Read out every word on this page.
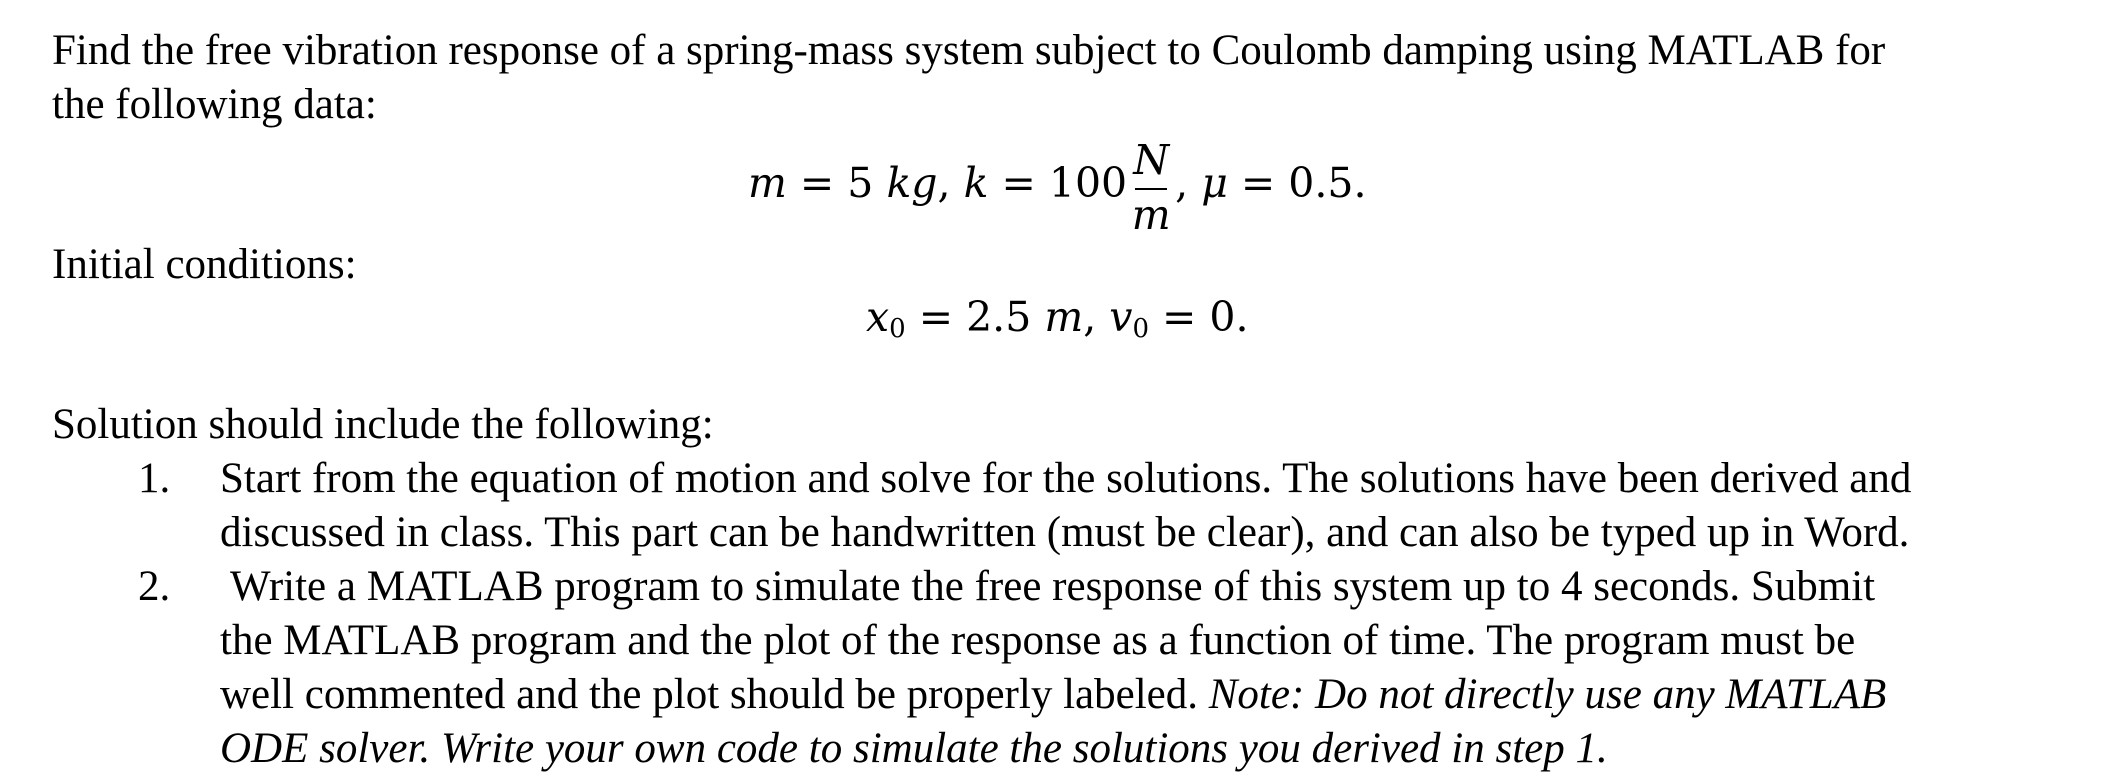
Find the free vibration response of a spring-mass system subject to Coulomb damping using MATLAB for
the following data:
m = 5 kg, $k = 100 \frac{N}{m}$ , μ = 0.5.
Initial conditions:
$x_0 = 2.5$ m, $v_0 = 0$.
Solution should include the following:
1. Start from the equation of motion and solve for the solutions. The solutions have been derived and
discussed in class. This part can be handwritten (must be clear), and can also be typed up in Word.
2. Write a MATLAB program to simulate the free response of this system up to 4 seconds. Submit
the MATLAB program and the plot of the response as a function of time. The program must be
well commented and the plot should be properly labeled. Note: Do not directly use any MATLAB
ODE solver. Write your own code to simulate the solutions you derived in step 1.
